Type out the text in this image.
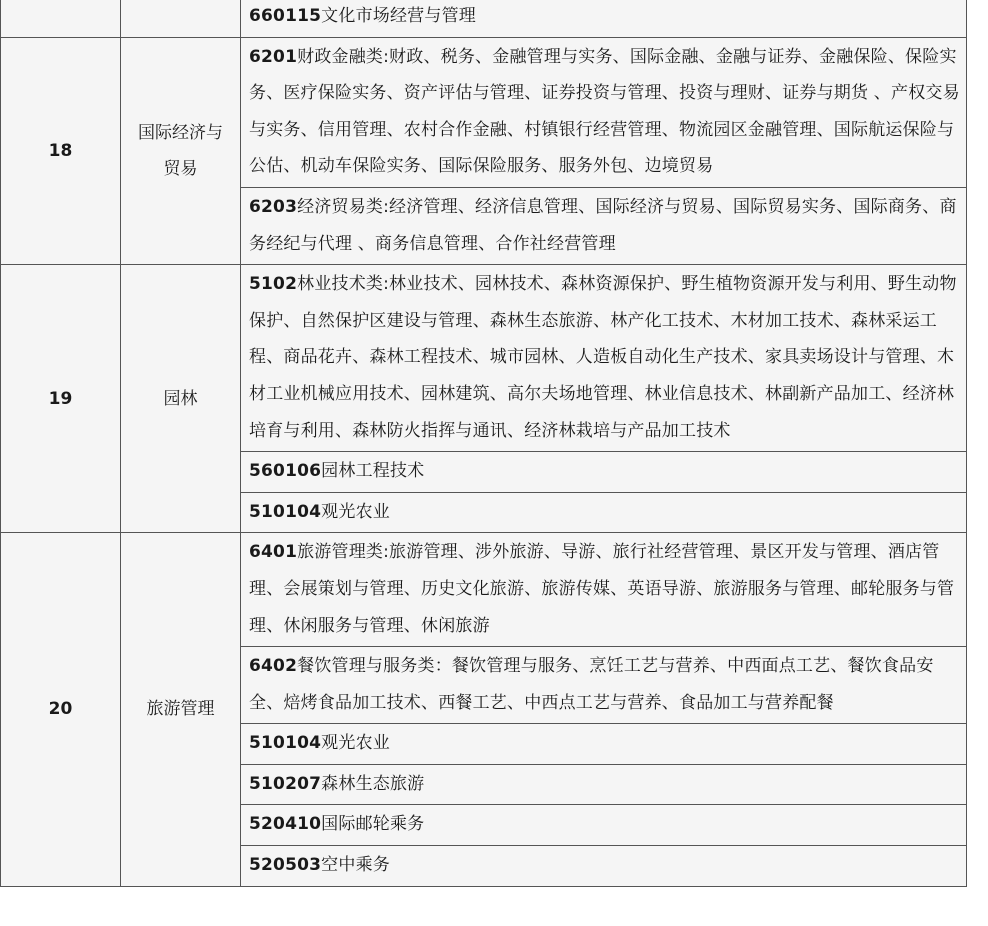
		660115文化市场经营与管理
18	国际经济与贸易	6201财政金融类:财政、税务、金融管理与实务、国际金融、金融与证券、金融保险、保险实务、医疗保险实务、资产评估与管理、证券投资与管理、投资与理财、证券与期货 、产权交易与实务、信用管理、农村合作金融、村镇银行经营管理、物流园区金融管理、国际航运保险与公估、机动车保险实务、国际保险服务、服务外包、边境贸易
		6203经济贸易类:经济管理、经济信息管理、国际经济与贸易、国际贸易实务、国际商务、商务经纪与代理 、商务信息管理、合作社经营管理
19	园林	5102林业技术类:林业技术、园林技术、森林资源保护、野生植物资源开发与利用、野生动物保护、自然保护区建设与管理、森林生态旅游、林产化工技术、木材加工技术、森林采运工程、商品花卉、森林工程技术、城市园林、人造板自动化生产技术、家具卖场设计与管理、木材工业机械应用技术、园林建筑、高尔夫场地管理、林业信息技术、林副新产品加工、经济林培育与利用、森林防火指挥与通讯、经济林栽培与产品加工技术
		560106园林工程技术
		510104观光农业
20	旅游管理	6401旅游管理类:旅游管理、涉外旅游、导游、旅行社经营管理、景区开发与管理、酒店管理、会展策划与管理、历史文化旅游、旅游传媒、英语导游、旅游服务与管理、邮轮服务与管理、休闲服务与管理、休闲旅游
		6402餐饮管理与服务类：餐饮管理与服务、烹饪工艺与营养、中西面点工艺、餐饮食品安全、焙烤食品加工技术、西餐工艺、中西点工艺与营养、食品加工与营养配餐
		510104观光农业
		510207森林生态旅游
		520410国际邮轮乘务
		520503空中乘务
